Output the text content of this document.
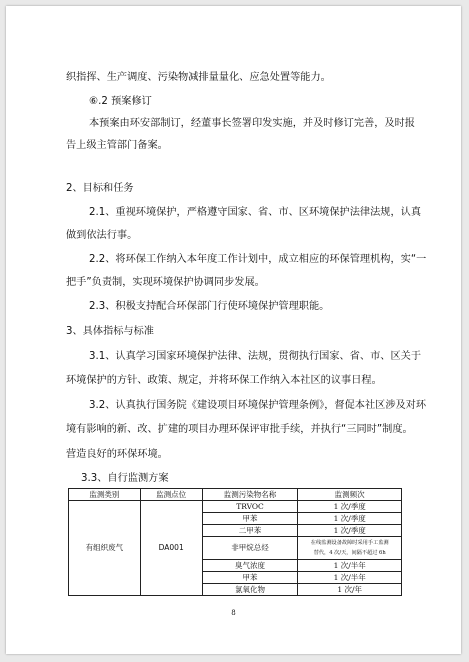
织指挥、生产调度、污染物减排量量化、应急处置等能力。
⑥.2 预案修订
本预案由环安部制订，经董事长签署印发实施，并及时修订完善，及时报
告上级主管部门备案。
2、目标和任务
2.1、重视环境保护，严格遵守国家、省、市、区环境保护法律法规，认真
做到依法行事。
2.2、将环保工作纳入本年度工作计划中，成立相应的环保管理机构，实“一
把手”负责制，实现环境保护协调同步发展。
2.3、积极支持配合环保部门行使环境保护管理职能。
3、具体指标与标准
3.1、认真学习国家环境保护法律、法规，贯彻执行国家、省、市、区关于
环境保护的方针、政策、规定，并将环保工作纳入本社区的议事日程。
3.2、认真执行国务院《建设项目环境保护管理条例》，督促本社区涉及对环
境有影响的新、改、扩建的项目办理环保评审批手续，并执行“三同时”制度。
营造良好的环保环境。
3.3、自行监测方案
监测类别	监测点位	监测污染物名称	监测频次
有组织废气	DA001	TRVOC	1 次/季度
		甲苯	1 次/季度
		二甲苯	1 次/季度
		非甲烷总烃	在线监测设备故障时采用手工监测
替代，4 次/天，间隔不超过 6h

		臭气浓度	1 次/半年
		甲苯	1 次/半年
		氯氧化物	1 次/年
8
